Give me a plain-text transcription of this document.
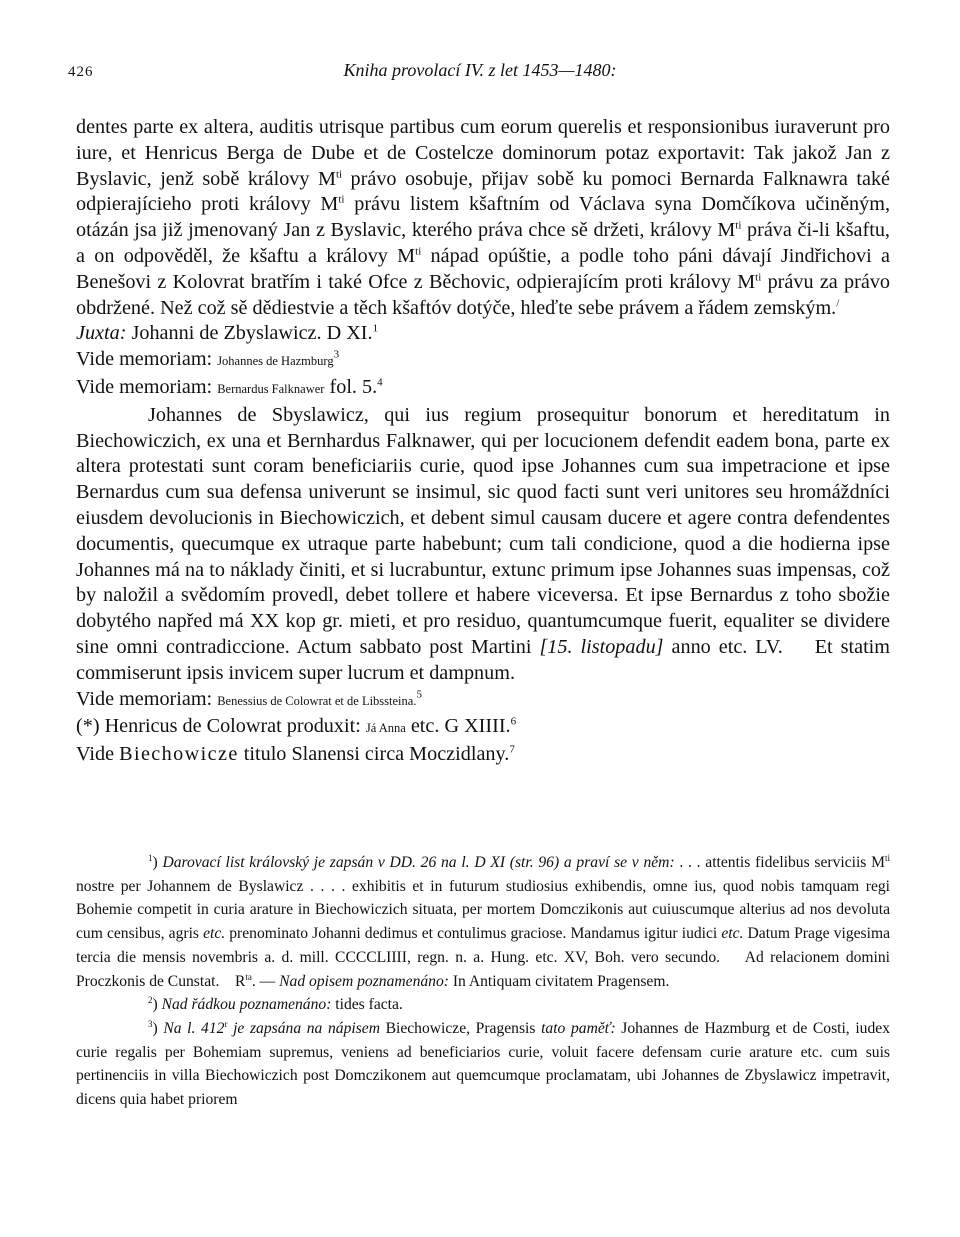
426	Kniha provolací IV. z let 1453—1480:

dentes parte ex altera, auditis utrisque partibus cum eorum querelis et responsionibus iuraverunt pro iure, et Henricus Berga de Dube et de Costelcze dominorum potaz exportavit: Tak jakož Jan z Byslavic, jenž sobě královy $M^{ti}$ právo osobuje, přijav sobě ku pomoci Bernarda Falknawra také odpierajícieho proti královy $M^{ti}$ právu listem kšaftním od Václava syna Domčíkova učiněným, otázán jsa již jmenovaný Jan z Byslavic, kterého práva chce sě držeti, královy $M^{ti}$ práva či-li kšaftu, a on odpověděl, že kšaftu a královy $M^{ti}$ nápad opúštie, a podle toho páni dávají Jindřichovi a Benešovi z Kolovrat bratřím i také Ofce z Běchovic, odpierajícím proti královy $M^{ti}$ právu za právo obdržené. Než což sě dědiestvie a těch kšaftóv dotýče, hleďte sebe právem a řádem zemským./

Juxta: Johanni de Zbyslawicz. D XI.$^1$

Vide memoriam: Johannes de Hazmburg$^3$

Vide memoriam: Bernardus Falknawer fol. 5.$^4$

Johannes de Sbyslawicz, qui ius regium prosequitur bonorum et hereditatum in Biechowiczich, ex una et Bernhardus Falknawer, qui per locucionem defendit eadem bona, parte ex altera protestati sunt coram beneficiariis curie, quod ipse Johannes cum sua impetracione et ipse Bernardus cum sua defensa univerunt se insimul, sic quod facti sunt veri unitores seu hromáždníci eiusdem devolucionis in Biechowiczich, et debent simul causam ducere et agere contra defendentes documentis, quecumque ex utraque parte habebunt; cum tali condicione, quod a die hodierna ipse Johannes má na to náklady činiti, et si lucrabuntur, extunc primum ipse Johannes suas impensas, což by naložil a svědomím provedl, debet tollere et habere viceversa. Et ipse Bernardus z toho sbožie dobytého napřed má XX kop gr. mieti, et pro residuo, quantumcumque fuerit, equaliter se dividere sine omni contradiccione. Actum sabbato post Martini [15. listopadu] anno etc. LV.    Et statim commiserunt ipsis invicem super lucrum et dampnum.

Vide memoriam: Benessius de Colowrat et de Libssteina.$^5$

(*) Henricus de Colowrat produxit: Já Anna etc. G XIIII.$^6$

Vide Biechowicze titulo Slanensi circa Moczidlany.$^7$

$^1$) Darovací list královský je zapsán v DD. 26 na l. D XI (str. 96) a praví se v něm: . . . attentis fidelibus serviciis $M^{ti}$ nostre per Johannem de Byslawicz . . . . exhibitis et in futurum studiosius exhibendis, omne ius, quod nobis tamquam regi Bohemie competit in curia arature in Biechowiczich situata, per mortem Domczikonis aut cuiuscumque alterius ad nos devoluta cum censibus, agris etc. prenominato Johanni dedimus et contulimus graciose. Mandamus igitur iudici etc. Datum Prage vigesima tercia die mensis novembris a. d. mill. CCCCLIIII, regn. n. a. Hung. etc. XV, Boh. vero secundo.    Ad relacionem domini Proczkonis de Cunstat.    $R^{ta}$. — Nad opisem poznamenáno: In Antiquam civitatem Pragensem.

$^2$) Nad řádkou poznamenáno: tides facta.

$^3$) Na l. 412$^r$ je zapsána na nápisem Biechowicze, Pragensis tato paměť: Johannes de Hazmburg et de Costi, iudex curie regalis per Bohemiam supremus, veniens ad beneficiarios curie, voluit facere defensam curie arature etc. cum suis pertinenciis in villa Biechowiczich post Domczikonem aut quemcumque proclamatam, ubi Johannes de Zbyslawicz impetravit, dicens quia habet priorem
